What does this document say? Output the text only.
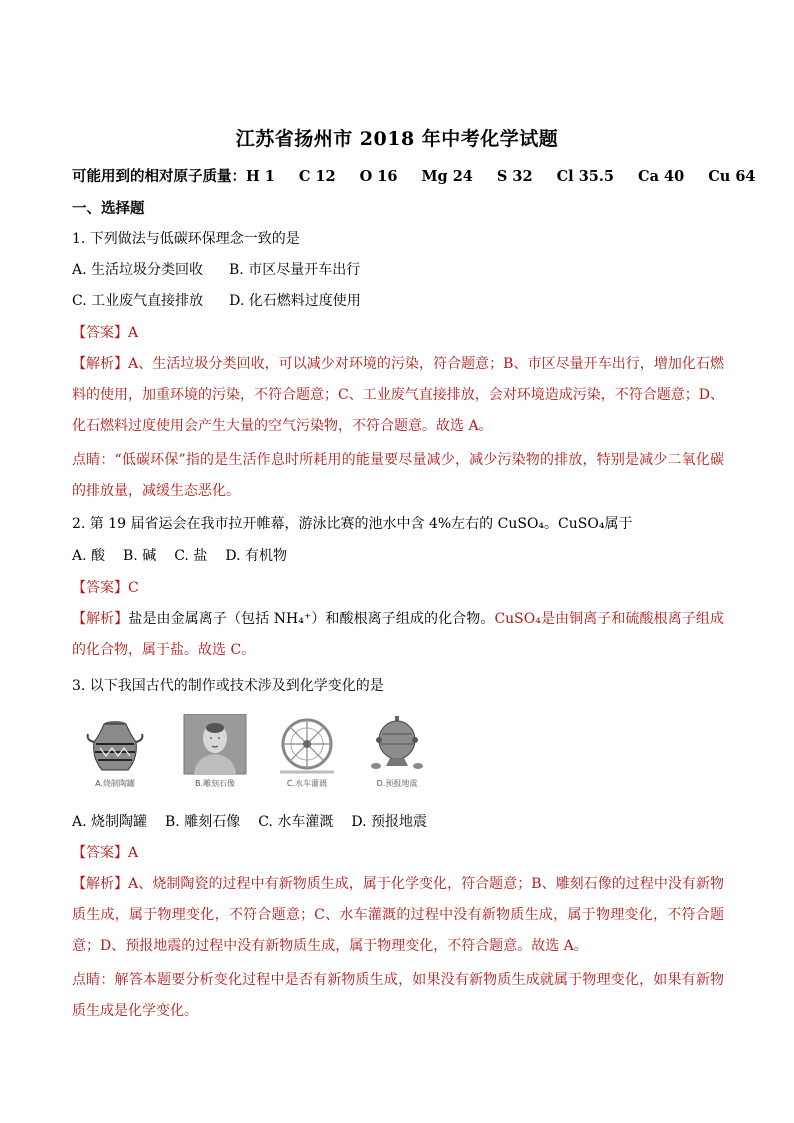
江苏省扬州市 2018 年中考化学试题
可能用到的相对原子质量：H 1 C 12 O 16 Mg 24 S 32 Cl 35.5 Ca 40 Cu 64
一、选择题
1. 下列做法与低碳环保理念一致的是
A. 生活垃圾分类回收 B. 市区尽量开车出行
C. 工业废气直接排放 D. 化石燃料过度使用
【答案】A
【解析】A、生活垃圾分类回收，可以减少对环境的污染，符合题意；B、市区尽量开车出行，增加化石燃料的使用，加重环境的污染，不符合题意；C、工业废气直接排放，会对环境造成污染，不符合题意；D、化石燃料过度使用会产生大量的空气污染物，不符合题意。故选 A。
点睛：“低碳环保”指的是生活作息时所耗用的能量要尽量减少，减少污染物的排放，特别是减少二氧化碳的排放量，减缓生态恶化。
2. 第 19 届省运会在我市拉开帷幕，游泳比赛的池水中含 4%左右的 CuSO₄。CuSO₄属于
A. 酸 B. 碱 C. 盐 D. 有机物
【答案】C
【解析】盐是由金属离子（包括 NH₄⁺）和酸根离子组成的化合物。CuSO₄是由铜离子和硫酸根离子组成的化合物，属于盐。故选 C。
3. 以下我国古代的制作或技术涉及到化学变化的是
A.烧制陶罐	B.雕刻石像	C.水车灌溉	D.预报地震
A. 烧制陶罐 B. 雕刻石像 C. 水车灌溉 D. 预报地震
【答案】A
【解析】A、烧制陶瓷的过程中有新物质生成，属于化学变化，符合题意；B、雕刻石像的过程中没有新物质生成，属于物理变化，不符合题意；C、水车灌溉的过程中没有新物质生成，属于物理变化，不符合题意；D、预报地震的过程中没有新物质生成，属于物理变化，不符合题意。故选 A。
点睛：解答本题要分析变化过程中是否有新物质生成，如果没有新物质生成就属于物理变化，如果有新物质生成是化学变化。
